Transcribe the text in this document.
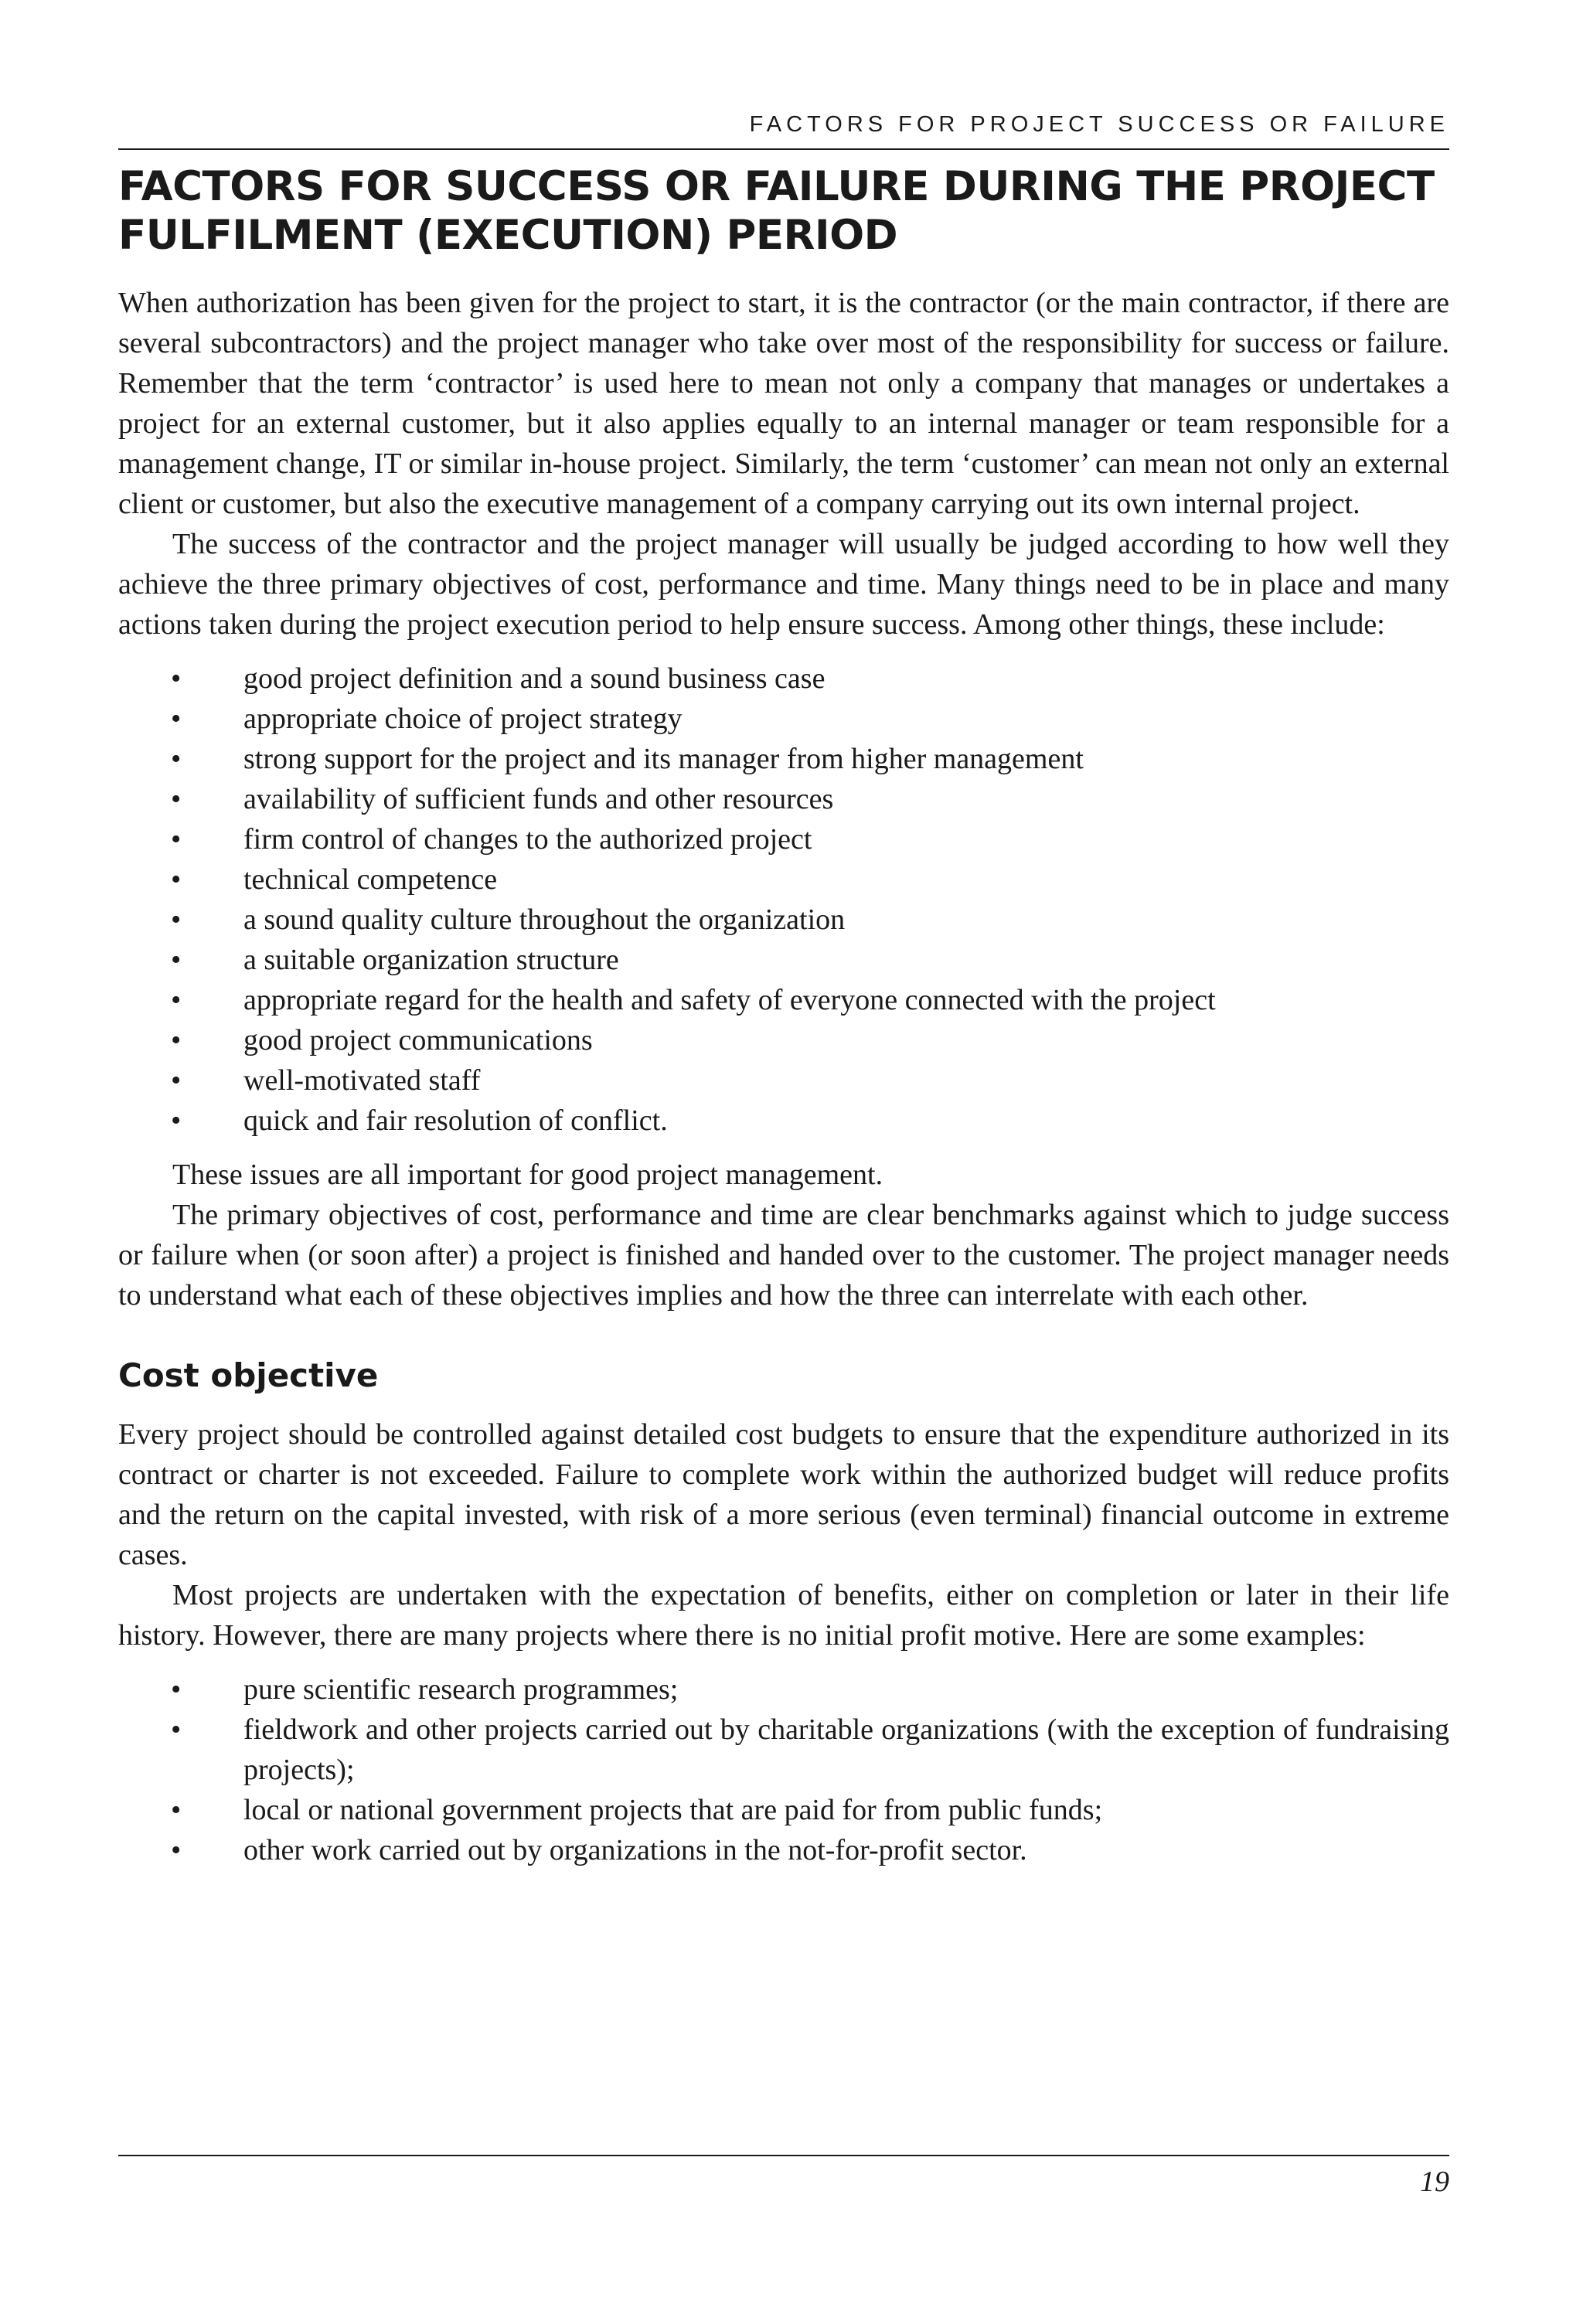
FACTORS FOR PROJECT SUCCESS OR FAILURE
FACTORS FOR SUCCESS OR FAILURE DURING THE PROJECT
FULFILMENT (EXECUTION) PERIOD

When authorization has been given for the project to start, it is the contractor (or the main contractor, if there are several subcontractors) and the project manager who take over most of the responsibility for success or failure. Remember that the term ‘contractor’ is used here to mean not only a company that manages or undertakes a project for an external customer, but it also applies equally to an internal manager or team responsible for a management change, IT or similar in-house project. Similarly, the term ‘customer’ can mean not only an external client or customer, but also the executive management of a company carrying out its own internal project.

The success of the contractor and the project manager will usually be judged according to how well they achieve the three primary objectives of cost, performance and time. Many things need to be in place and many actions taken during the project execution period to help ensure success. Among other things, these include:

• good project definition and a sound business case
• appropriate choice of project strategy
• strong support for the project and its manager from higher management
• availability of sufficient funds and other resources
• firm control of changes to the authorized project
• technical competence
• a sound quality culture throughout the organization
• a suitable organization structure
• appropriate regard for the health and safety of everyone connected with the project
• good project communications
• well-motivated staff
• quick and fair resolution of conflict.

These issues are all important for good project management.

The primary objectives of cost, performance and time are clear benchmarks against which to judge success or failure when (or soon after) a project is finished and handed over to the customer. The project manager needs to understand what each of these objectives implies and how the three can interrelate with each other.

Cost objective

Every project should be controlled against detailed cost budgets to ensure that the expenditure authorized in its contract or charter is not exceeded. Failure to complete work within the authorized budget will reduce profits and the return on the capital invested, with risk of a more serious (even terminal) financial outcome in extreme cases.

Most projects are undertaken with the expectation of benefits, either on completion or later in their life history. However, there are many projects where there is no initial profit motive. Here are some examples:

• pure scientific research programmes;
• fieldwork and other projects carried out by charitable organizations (with the exception of fundraising projects);
• local or national government projects that are paid for from public funds;
• other work carried out by organizations in the not-for-profit sector.
19
